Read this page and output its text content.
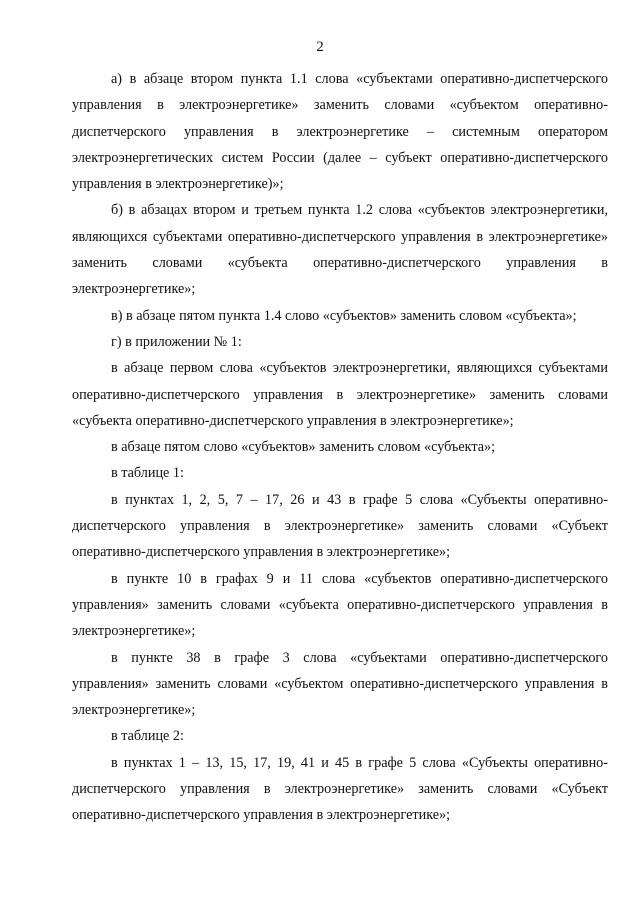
2

а) в абзаце втором пункта 1.1 слова «субъектами оперативно-диспетчерского управления в электроэнергетике» заменить словами «субъектом оперативно-диспетчерского управления в электроэнергетике – системным оператором электроэнергетических систем России (далее – субъект оперативно-диспетчерского управления в электроэнергетике)»;

б) в абзацах втором и третьем пункта 1.2 слова «субъектов электроэнергетики, являющихся субъектами оперативно-диспетчерского управления в электроэнергетике» заменить словами «субъекта оперативно-диспетчерского управления в электроэнергетике»;

в) в абзаце пятом пункта 1.4 слово «субъектов» заменить словом «субъекта»;

г) в приложении № 1:

в абзаце первом слова «субъектов электроэнергетики, являющихся субъектами оперативно-диспетчерского управления в электроэнергетике» заменить словами «субъекта оперативно-диспетчерского управления в электроэнергетике»;

в абзаце пятом слово «субъектов» заменить словом «субъекта»;

в таблице 1:

в пунктах 1, 2, 5, 7 – 17, 26 и 43 в графе 5 слова «Субъекты оперативно-диспетчерского управления в электроэнергетике» заменить словами «Субъект оперативно-диспетчерского управления в электроэнергетике»;

в пункте 10 в графах 9 и 11 слова «субъектов оперативно-диспетчерского управления» заменить словами «субъекта оперативно-диспетчерского управления в электроэнергетике»;

в пункте 38 в графе 3 слова «субъектами оперативно-диспетчерского управления» заменить словами «субъектом оперативно-диспетчерского управления в электроэнергетике»;

в таблице 2:

в пунктах 1 – 13, 15, 17, 19, 41 и 45 в графе 5 слова «Субъекты оперативно-диспетчерского управления в электроэнергетике» заменить словами «Субъект оперативно-диспетчерского управления в электроэнергетике»;
